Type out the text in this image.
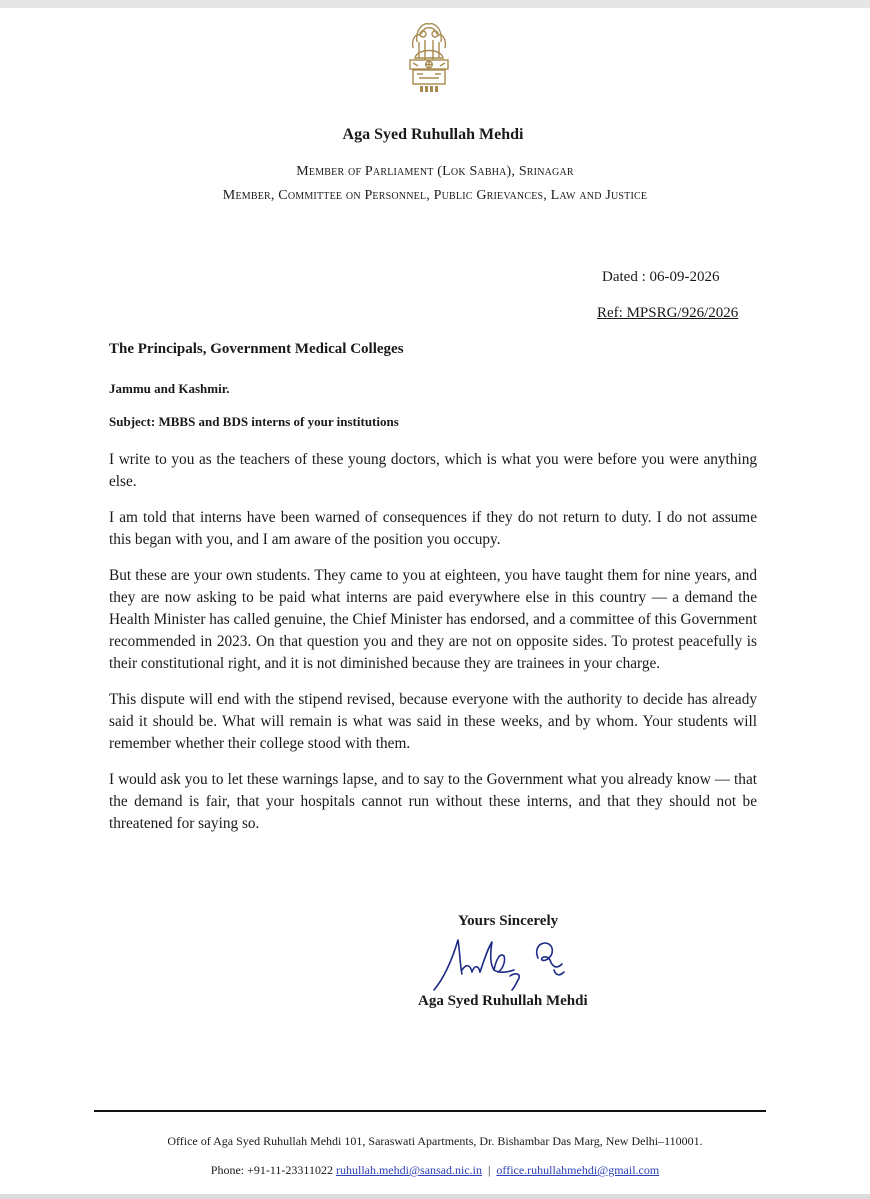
Aga Syed Ruhullah Mehdi
Member of Parliament (Lok Sabha), Srinagar
Member, Committee on Personnel, Public Grievances, Law and Justice
Dated : 06-09-2026
Ref: MPSRG/926/2026
The Principals, Government Medical Colleges
Jammu and Kashmir.
Subject: MBBS and BDS interns of your institutions

I write to you as the teachers of these young doctors, which is what you were before you were anything else.

I am told that interns have been warned of consequences if they do not return to duty. I do not assume this began with you, and I am aware of the position you occupy.

But these are your own students. They came to you at eighteen, you have taught them for nine years, and they are now asking to be paid what interns are paid everywhere else in this country — a demand the Health Minister has called genuine, the Chief Minister has endorsed, and a committee of this Government recommended in 2023. On that question you and they are not on opposite sides. To protest peacefully is their constitutional right, and it is not diminished because they are trainees in your charge.

This dispute will end with the stipend revised, because everyone with the authority to decide has already said it should be. What will remain is what was said in these weeks, and by whom. Your students will remember whether their college stood with them.

I would ask you to let these warnings lapse, and to say to the Government what you already know — that the demand is fair, that your hospitals cannot run without these interns, and that they should not be threatened for saying so.

Yours Sincerely
Aga Syed Ruhullah Mehdi
Office of Aga Syed Ruhullah Mehdi 101, Saraswati Apartments, Dr. Bishambar Das Marg, New Delhi–110001.
Phone: +91-11-23311022 ruhullah.mehdi@sansad.nic.in | office.ruhullahmehdi@gmail.com
